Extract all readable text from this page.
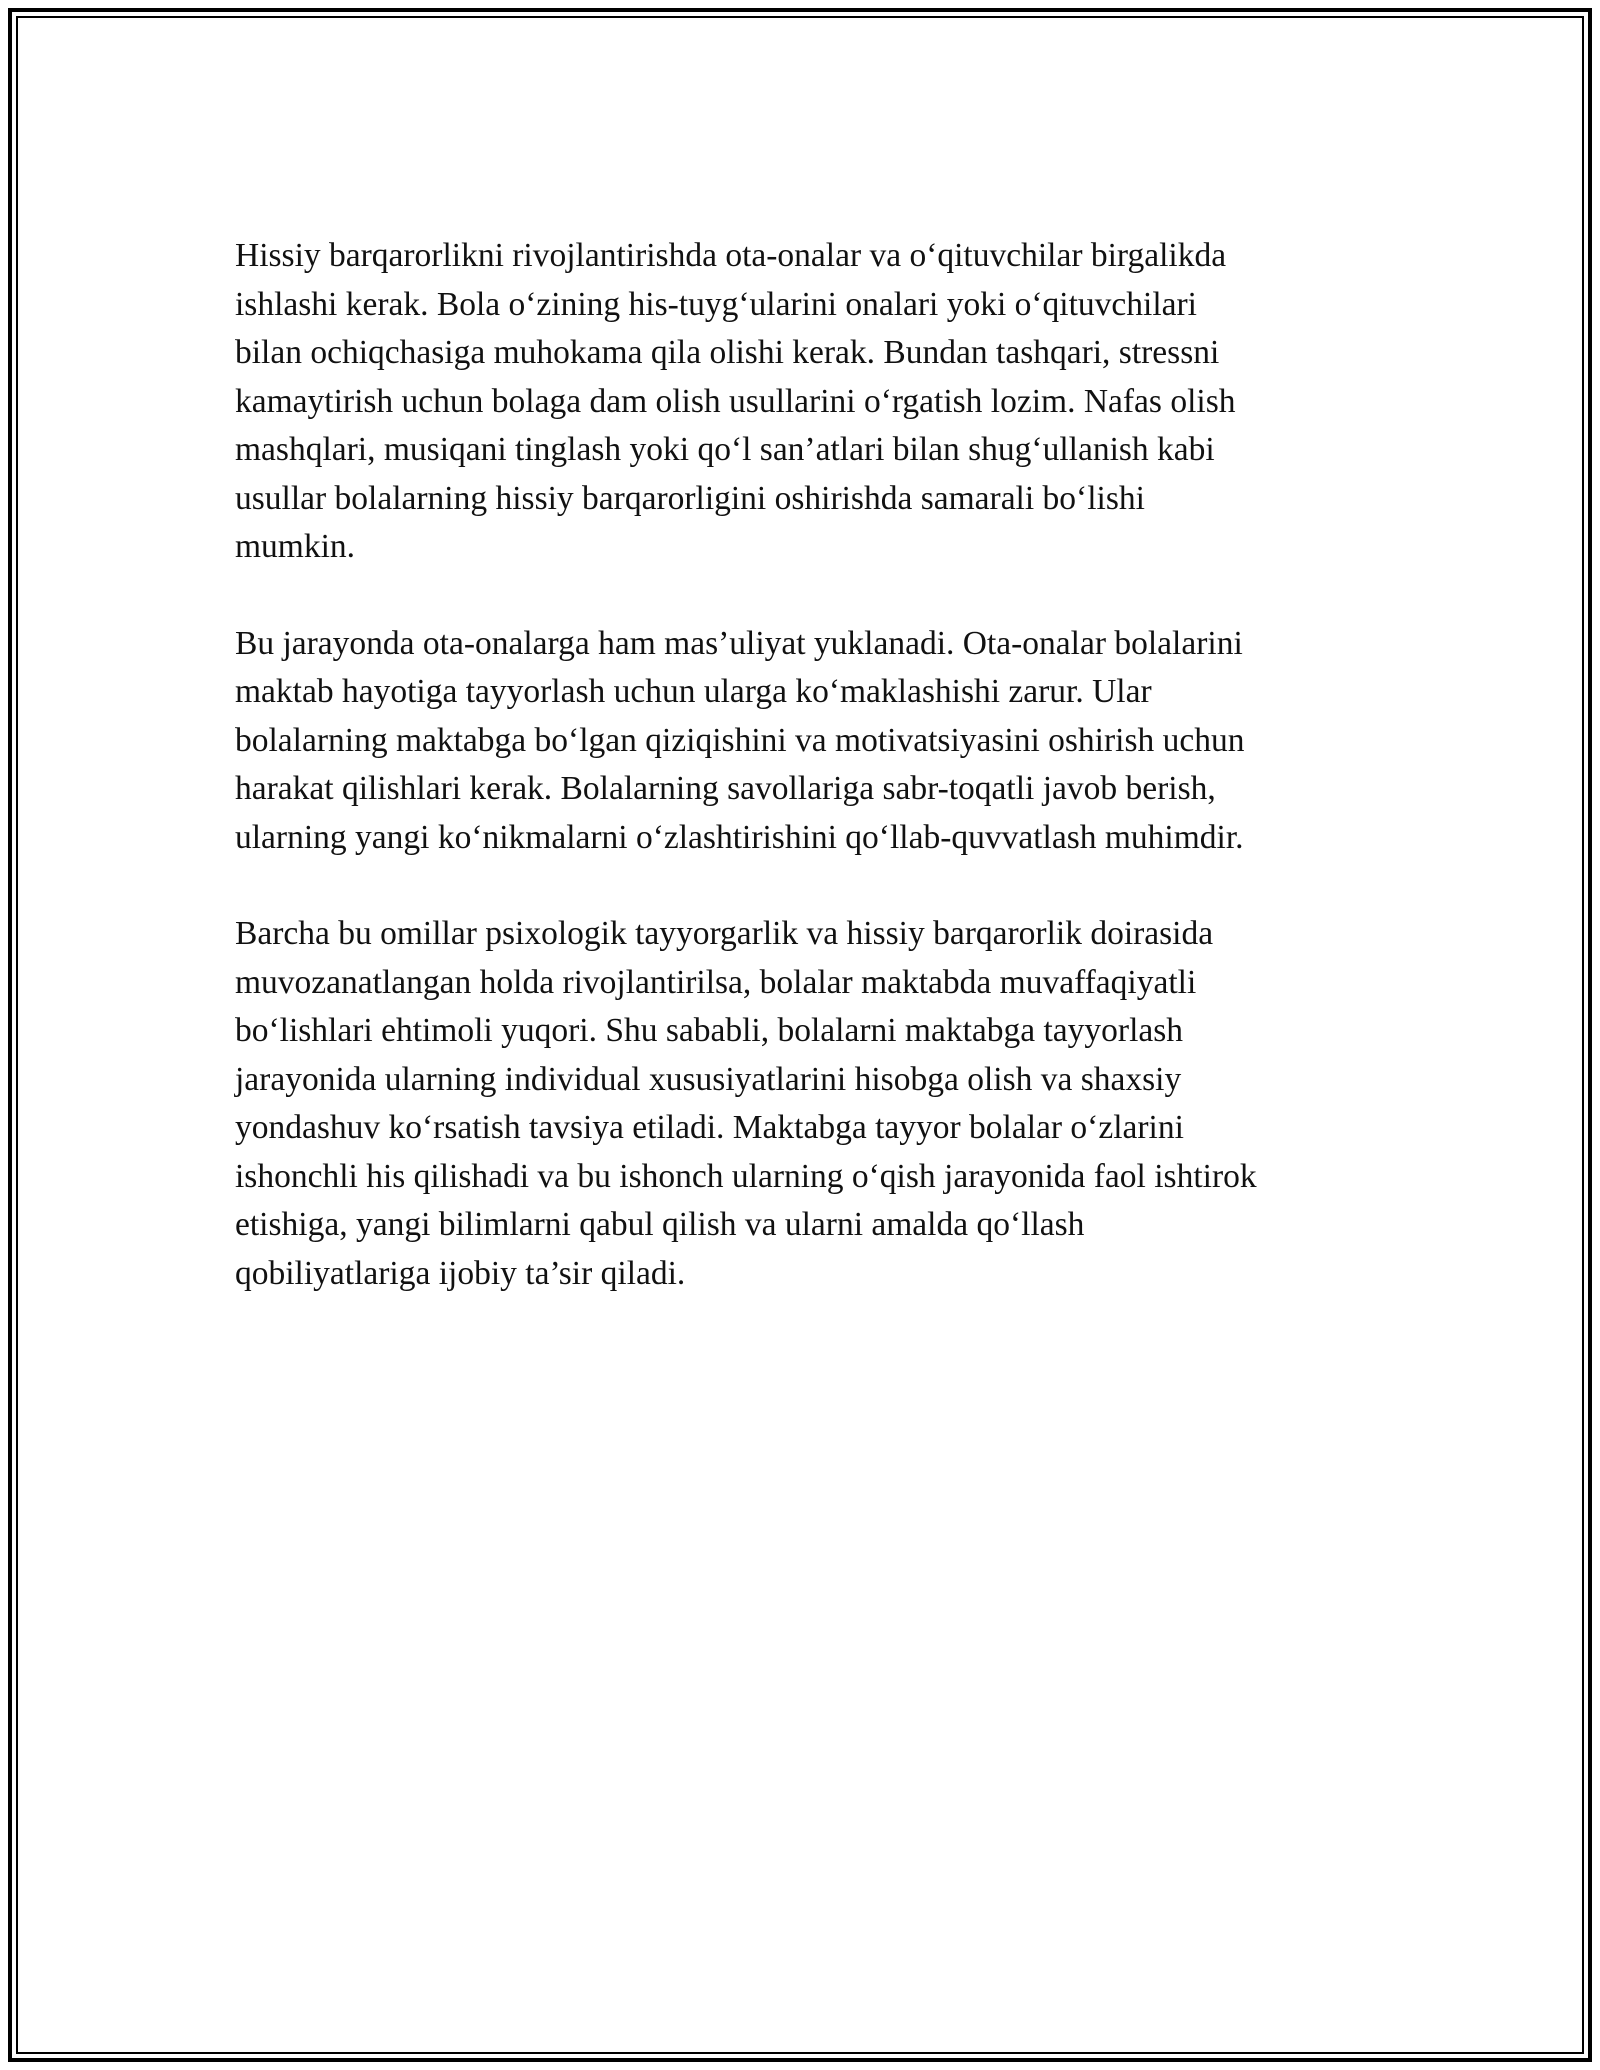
Hissiy barqarorlikni rivojlantirishda ota-onalar va o‘qituvchilar birgalikda
ishlashi kerak. Bola o‘zining his-tuyg‘ularini onalari yoki o‘qituvchilari
bilan ochiqchasiga muhokama qila olishi kerak. Bundan tashqari, stressni
kamaytirish uchun bolaga dam olish usullarini o‘rgatish lozim. Nafas olish
mashqlari, musiqani tinglash yoki qo‘l san’atlari bilan shug‘ullanish kabi
usullar bolalarning hissiy barqarorligini oshirishda samarali bo‘lishi
mumkin.

Bu jarayonda ota-onalarga ham mas’uliyat yuklanadi. Ota-onalar bolalarini
maktab hayotiga tayyorlash uchun ularga ko‘maklashishi zarur. Ular
bolalarning maktabga bo‘lgan qiziqishini va motivatsiyasini oshirish uchun
harakat qilishlari kerak. Bolalarning savollariga sabr-toqatli javob berish,
ularning yangi ko‘nikmalarni o‘zlashtirishini qo‘llab-quvvatlash muhimdir.

Barcha bu omillar psixologik tayyorgarlik va hissiy barqarorlik doirasida
muvozanatlangan holda rivojlantirilsa, bolalar maktabda muvaffaqiyatli
bo‘lishlari ehtimoli yuqori. Shu sababli, bolalarni maktabga tayyorlash
jarayonida ularning individual xususiyatlarini hisobga olish va shaxsiy
yondashuv ko‘rsatish tavsiya etiladi. Maktabga tayyor bolalar o‘zlarini
ishonchli his qilishadi va bu ishonch ularning o‘qish jarayonida faol ishtirok
etishiga, yangi bilimlarni qabul qilish va ularni amalda qo‘llash
qobiliyatlariga ijobiy ta’sir qiladi.
